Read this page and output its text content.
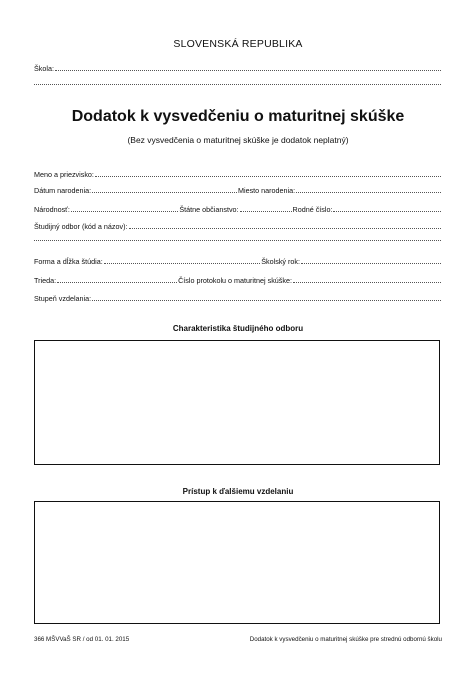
SLOVENSKÁ REPUBLIKA
Škola:
Dodatok k vysvedčeniu o maturitnej skúške
(Bez vysvedčenia o maturitnej skúške je dodatok neplatný)
Meno a priezvisko:
Dátum narodenia:	Miesto narodenia:
Národnosť:	Štátne občianstvo:	Rodné číslo:
Študijný odbor (kód a názov):
Forma a dĺžka štúdia:	Školský rok:
Trieda:	Číslo protokolu o maturitnej skúške:
Stupeň vzdelania:
Charakteristika študijného odboru
Prístup k ďalšiemu vzdelaniu
366 MŠVVaŠ SR / od 01. 01. 2015	Dodatok k vysvedčeniu o maturitnej skúške pre strednú odbornú školu
